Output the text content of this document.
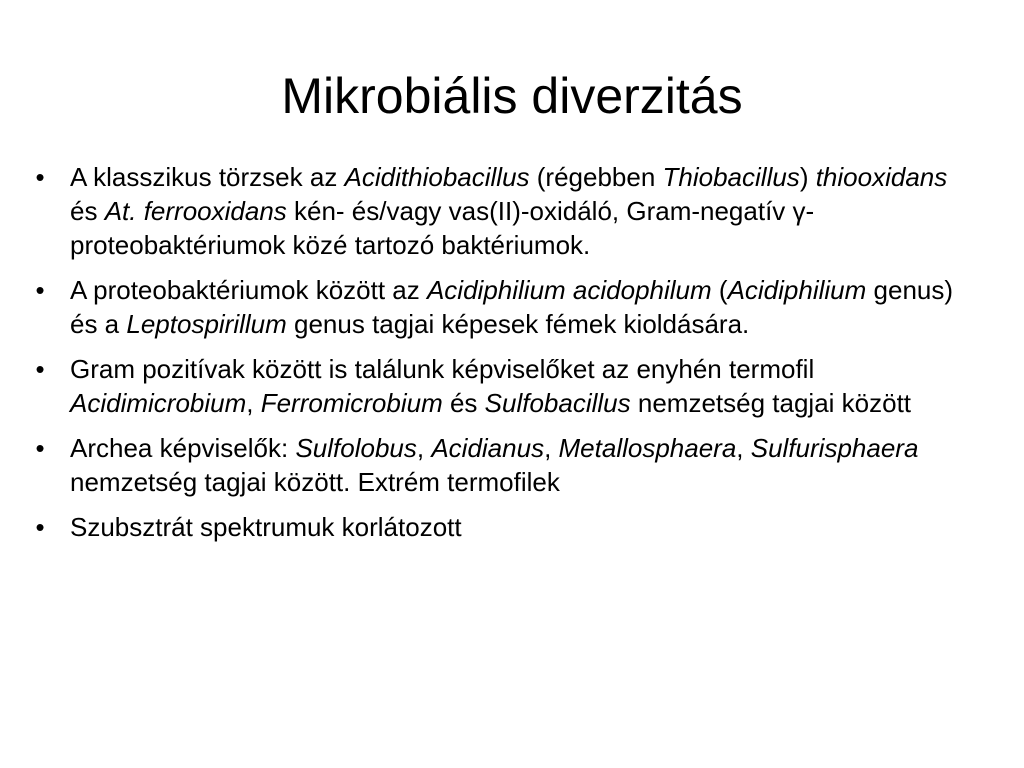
Mikrobiális diverzitás
• A klasszikus törzsek az Acidithiobacillus (régebben Thiobacillus) thiooxidans és At. ferrooxidans kén- és/vagy vas(II)-oxidáló, Gram-negatív γ-proteobaktériumok közé tartozó baktériumok.
• A proteobaktériumok között az Acidiphilium acidophilum (Acidiphilium genus) és a Leptospirillum genus tagjai képesek fémek kioldására.
• Gram pozitívak között is találunk képviselőket az enyhén termofil Acidimicrobium, Ferromicrobium és Sulfobacillus nemzetség tagjai között
• Archea képviselők: Sulfolobus, Acidianus, Metallosphaera, Sulfurisphaera nemzetség tagjai között. Extrém termofilek
• Szubsztrát spektrumuk korlátozott
